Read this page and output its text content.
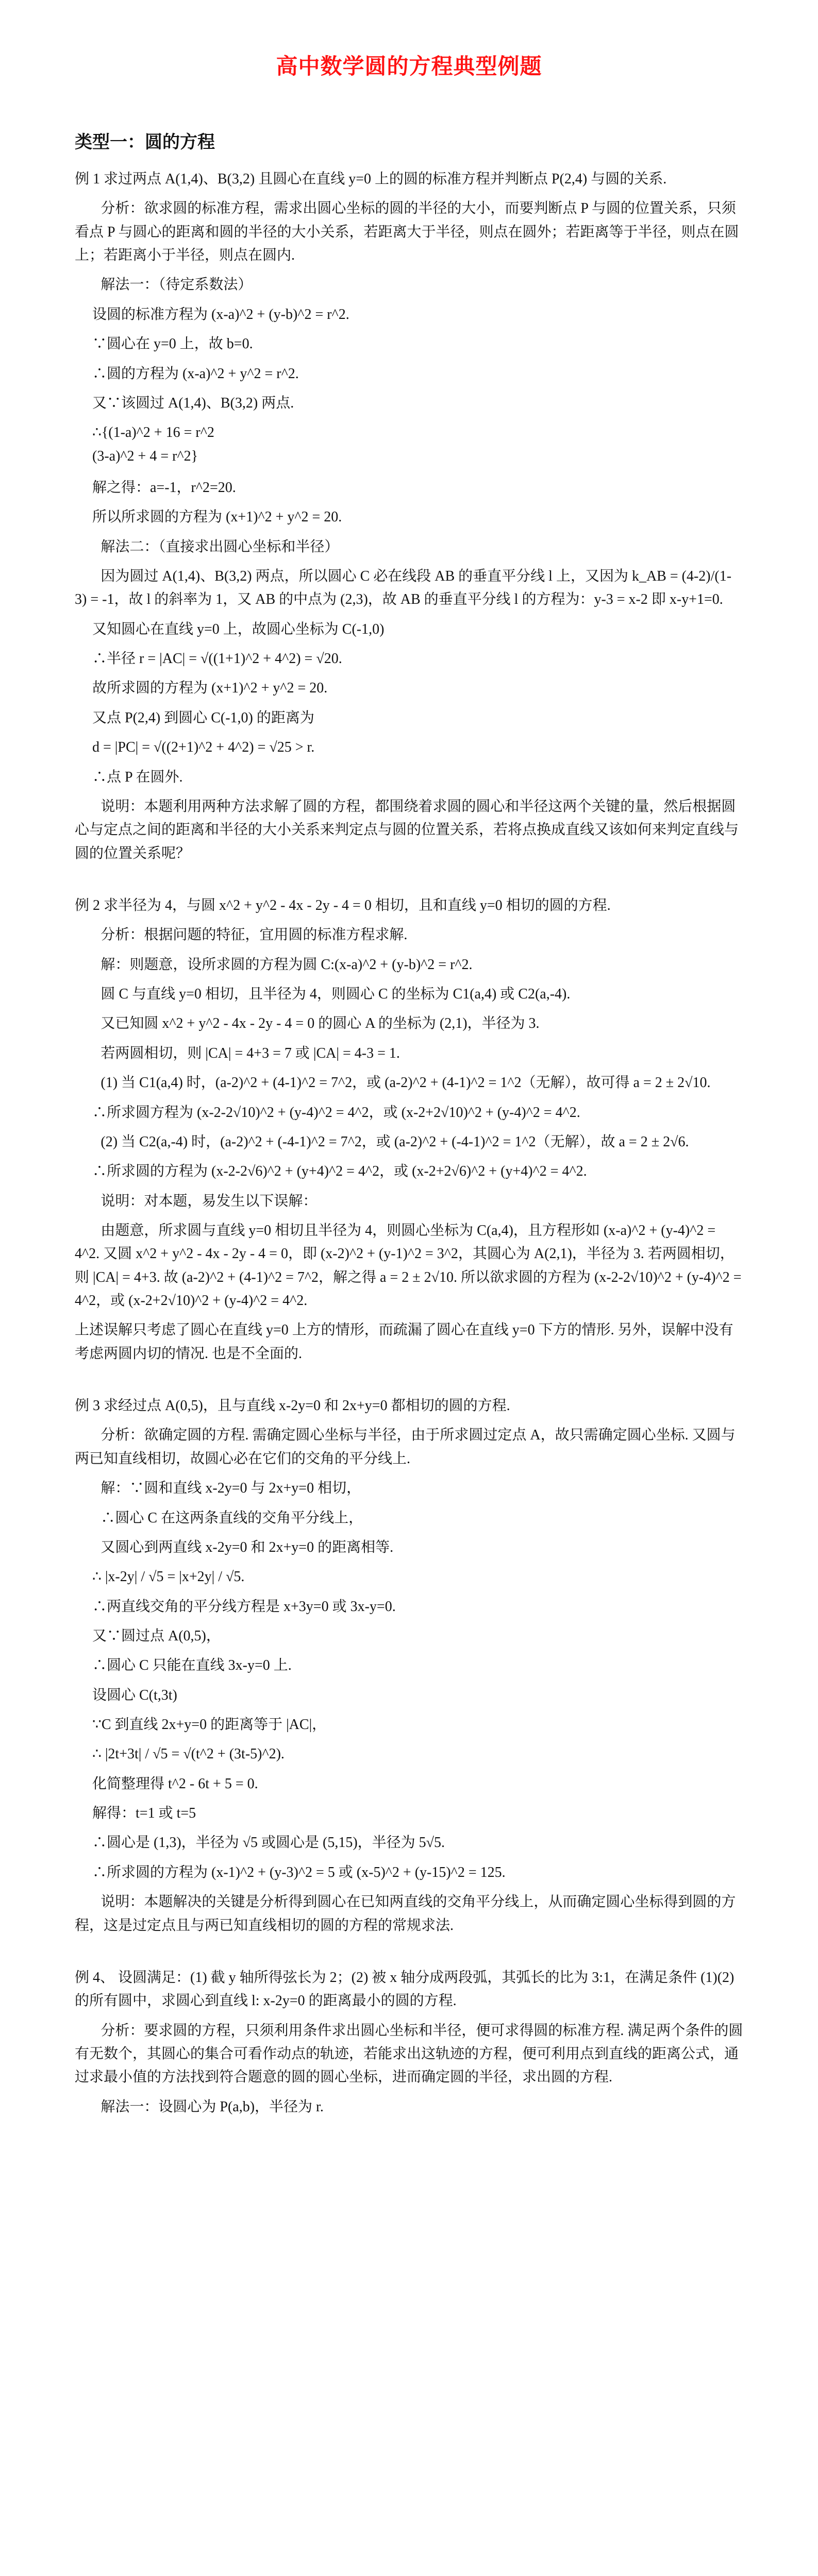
高中数学圆的方程典型例题
类型一：圆的方程
例 1 求过两点 A(1,4)、B(3,2) 且圆心在直线 y=0 上的圆的标准方程并判断点 P(2,4) 与圆的关系.
分析：欲求圆的标准方程，需求出圆心坐标的圆的半径的大小，而要判断点 P 与圆的位置关系，只须看点 P 与圆心的距离和圆的半径的大小关系，若距离大于半径，则点在圆外；若距离等于半径，则点在圆上；若距离小于半径，则点在圆内.
解法一：（待定系数法）
设圆的标准方程为 (x-a)^2 + (y-b)^2 = r^2.
∵圆心在 y=0 上，故 b=0.
∴圆的方程为 (x-a)^2 + y^2 = r^2.
又∵该圆过 A(1,4)、B(3,2) 两点.
∴{(1-a)^2 + 16 = r^2
(3-a)^2 + 4 = r^2}
解之得：a=-1，r^2=20.
所以所求圆的方程为 (x+1)^2 + y^2 = 20.
解法二：（直接求出圆心坐标和半径）
因为圆过 A(1,4)、B(3,2) 两点，所以圆心 C 必在线段 AB 的垂直平分线 l 上，又因为 k_AB = (4-2)/(1-3) = -1，故 l 的斜率为 1，又 AB 的中点为 (2,3)，故 AB 的垂直平分线 l 的方程为：y-3 = x-2 即 x-y+1=0.
又知圆心在直线 y=0 上，故圆心坐标为 C(-1,0)
∴半径 r = |AC| = √((1+1)^2 + 4^2) = √20.
故所求圆的方程为 (x+1)^2 + y^2 = 20.
又点 P(2,4) 到圆心 C(-1,0) 的距离为
d = |PC| = √((2+1)^2 + 4^2) = √25 > r.
∴点 P 在圆外.
说明：本题利用两种方法求解了圆的方程，都围绕着求圆的圆心和半径这两个关键的量，然后根据圆心与定点之间的距离和半径的大小关系来判定点与圆的位置关系，若将点换成直线又该如何来判定直线与圆的位置关系呢？
例 2 求半径为 4，与圆 x^2 + y^2 - 4x - 2y - 4 = 0 相切，且和直线 y=0 相切的圆的方程.
分析：根据问题的特征，宜用圆的标准方程求解.
解：则题意，设所求圆的方程为圆 C:(x-a)^2 + (y-b)^2 = r^2.
圆 C 与直线 y=0 相切，且半径为 4，则圆心 C 的坐标为 C1(a,4) 或 C2(a,-4).
又已知圆 x^2 + y^2 - 4x - 2y - 4 = 0 的圆心 A 的坐标为 (2,1)，半径为 3.
若两圆相切，则 |CA| = 4+3 = 7 或 |CA| = 4-3 = 1.
(1) 当 C1(a,4) 时，(a-2)^2 + (4-1)^2 = 7^2，或 (a-2)^2 + (4-1)^2 = 1^2（无解），故可得 a = 2 ± 2√10.
∴所求圆方程为 (x-2-2√10)^2 + (y-4)^2 = 4^2，或 (x-2+2√10)^2 + (y-4)^2 = 4^2.
(2) 当 C2(a,-4) 时，(a-2)^2 + (-4-1)^2 = 7^2，或 (a-2)^2 + (-4-1)^2 = 1^2（无解），故 a = 2 ± 2√6.
∴所求圆的方程为 (x-2-2√6)^2 + (y+4)^2 = 4^2，或 (x-2+2√6)^2 + (y+4)^2 = 4^2.
说明：对本题，易发生以下误解：
由题意，所求圆与直线 y=0 相切且半径为 4，则圆心坐标为 C(a,4)，且方程形如 (x-a)^2 + (y-4)^2 = 4^2. 又圆 x^2 + y^2 - 4x - 2y - 4 = 0，即 (x-2)^2 + (y-1)^2 = 3^2，其圆心为 A(2,1)，半径为 3. 若两圆相切，则 |CA| = 4+3. 故 (a-2)^2 + (4-1)^2 = 7^2，解之得 a = 2 ± 2√10. 所以欲求圆的方程为 (x-2-2√10)^2 + (y-4)^2 = 4^2，或 (x-2+2√10)^2 + (y-4)^2 = 4^2.
上述误解只考虑了圆心在直线 y=0 上方的情形，而疏漏了圆心在直线 y=0 下方的情形. 另外，误解中没有考虑两圆内切的情况. 也是不全面的.
例 3 求经过点 A(0,5)，且与直线 x-2y=0 和 2x+y=0 都相切的圆的方程.
分析：欲确定圆的方程. 需确定圆心坐标与半径，由于所求圆过定点 A，故只需确定圆心坐标. 又圆与两已知直线相切，故圆心必在它们的交角的平分线上.
解：∵圆和直线 x-2y=0 与 2x+y=0 相切，
∴圆心 C 在这两条直线的交角平分线上，
又圆心到两直线 x-2y=0 和 2x+y=0 的距离相等.
∴ |x-2y| / √5 = |x+2y| / √5.
∴两直线交角的平分线方程是 x+3y=0 或 3x-y=0.
又∵圆过点 A(0,5)，
∴圆心 C 只能在直线 3x-y=0 上.
设圆心 C(t,3t)
∵C 到直线 2x+y=0 的距离等于 |AC|，
∴ |2t+3t| / √5 = √(t^2 + (3t-5)^2).
化简整理得 t^2 - 6t + 5 = 0.
解得：t=1 或 t=5
∴圆心是 (1,3)，半径为 √5 或圆心是 (5,15)，半径为 5√5.
∴所求圆的方程为 (x-1)^2 + (y-3)^2 = 5 或 (x-5)^2 + (y-15)^2 = 125.
说明：本题解决的关键是分析得到圆心在已知两直线的交角平分线上，从而确定圆心坐标得到圆的方程，这是过定点且与两已知直线相切的圆的方程的常规求法.
例 4、 设圆满足：(1) 截 y 轴所得弦长为 2；(2) 被 x 轴分成两段弧，其弧长的比为 3:1，在满足条件 (1)(2) 的所有圆中，求圆心到直线 l: x-2y=0 的距离最小的圆的方程.
分析：要求圆的方程，只须利用条件求出圆心坐标和半径，便可求得圆的标准方程. 满足两个条件的圆有无数个，其圆心的集合可看作动点的轨迹，若能求出这轨迹的方程，便可利用点到直线的距离公式，通过求最小值的方法找到符合题意的圆的圆心坐标，进而确定圆的半径，求出圆的方程.
解法一：设圆心为 P(a,b)，半径为 r.
